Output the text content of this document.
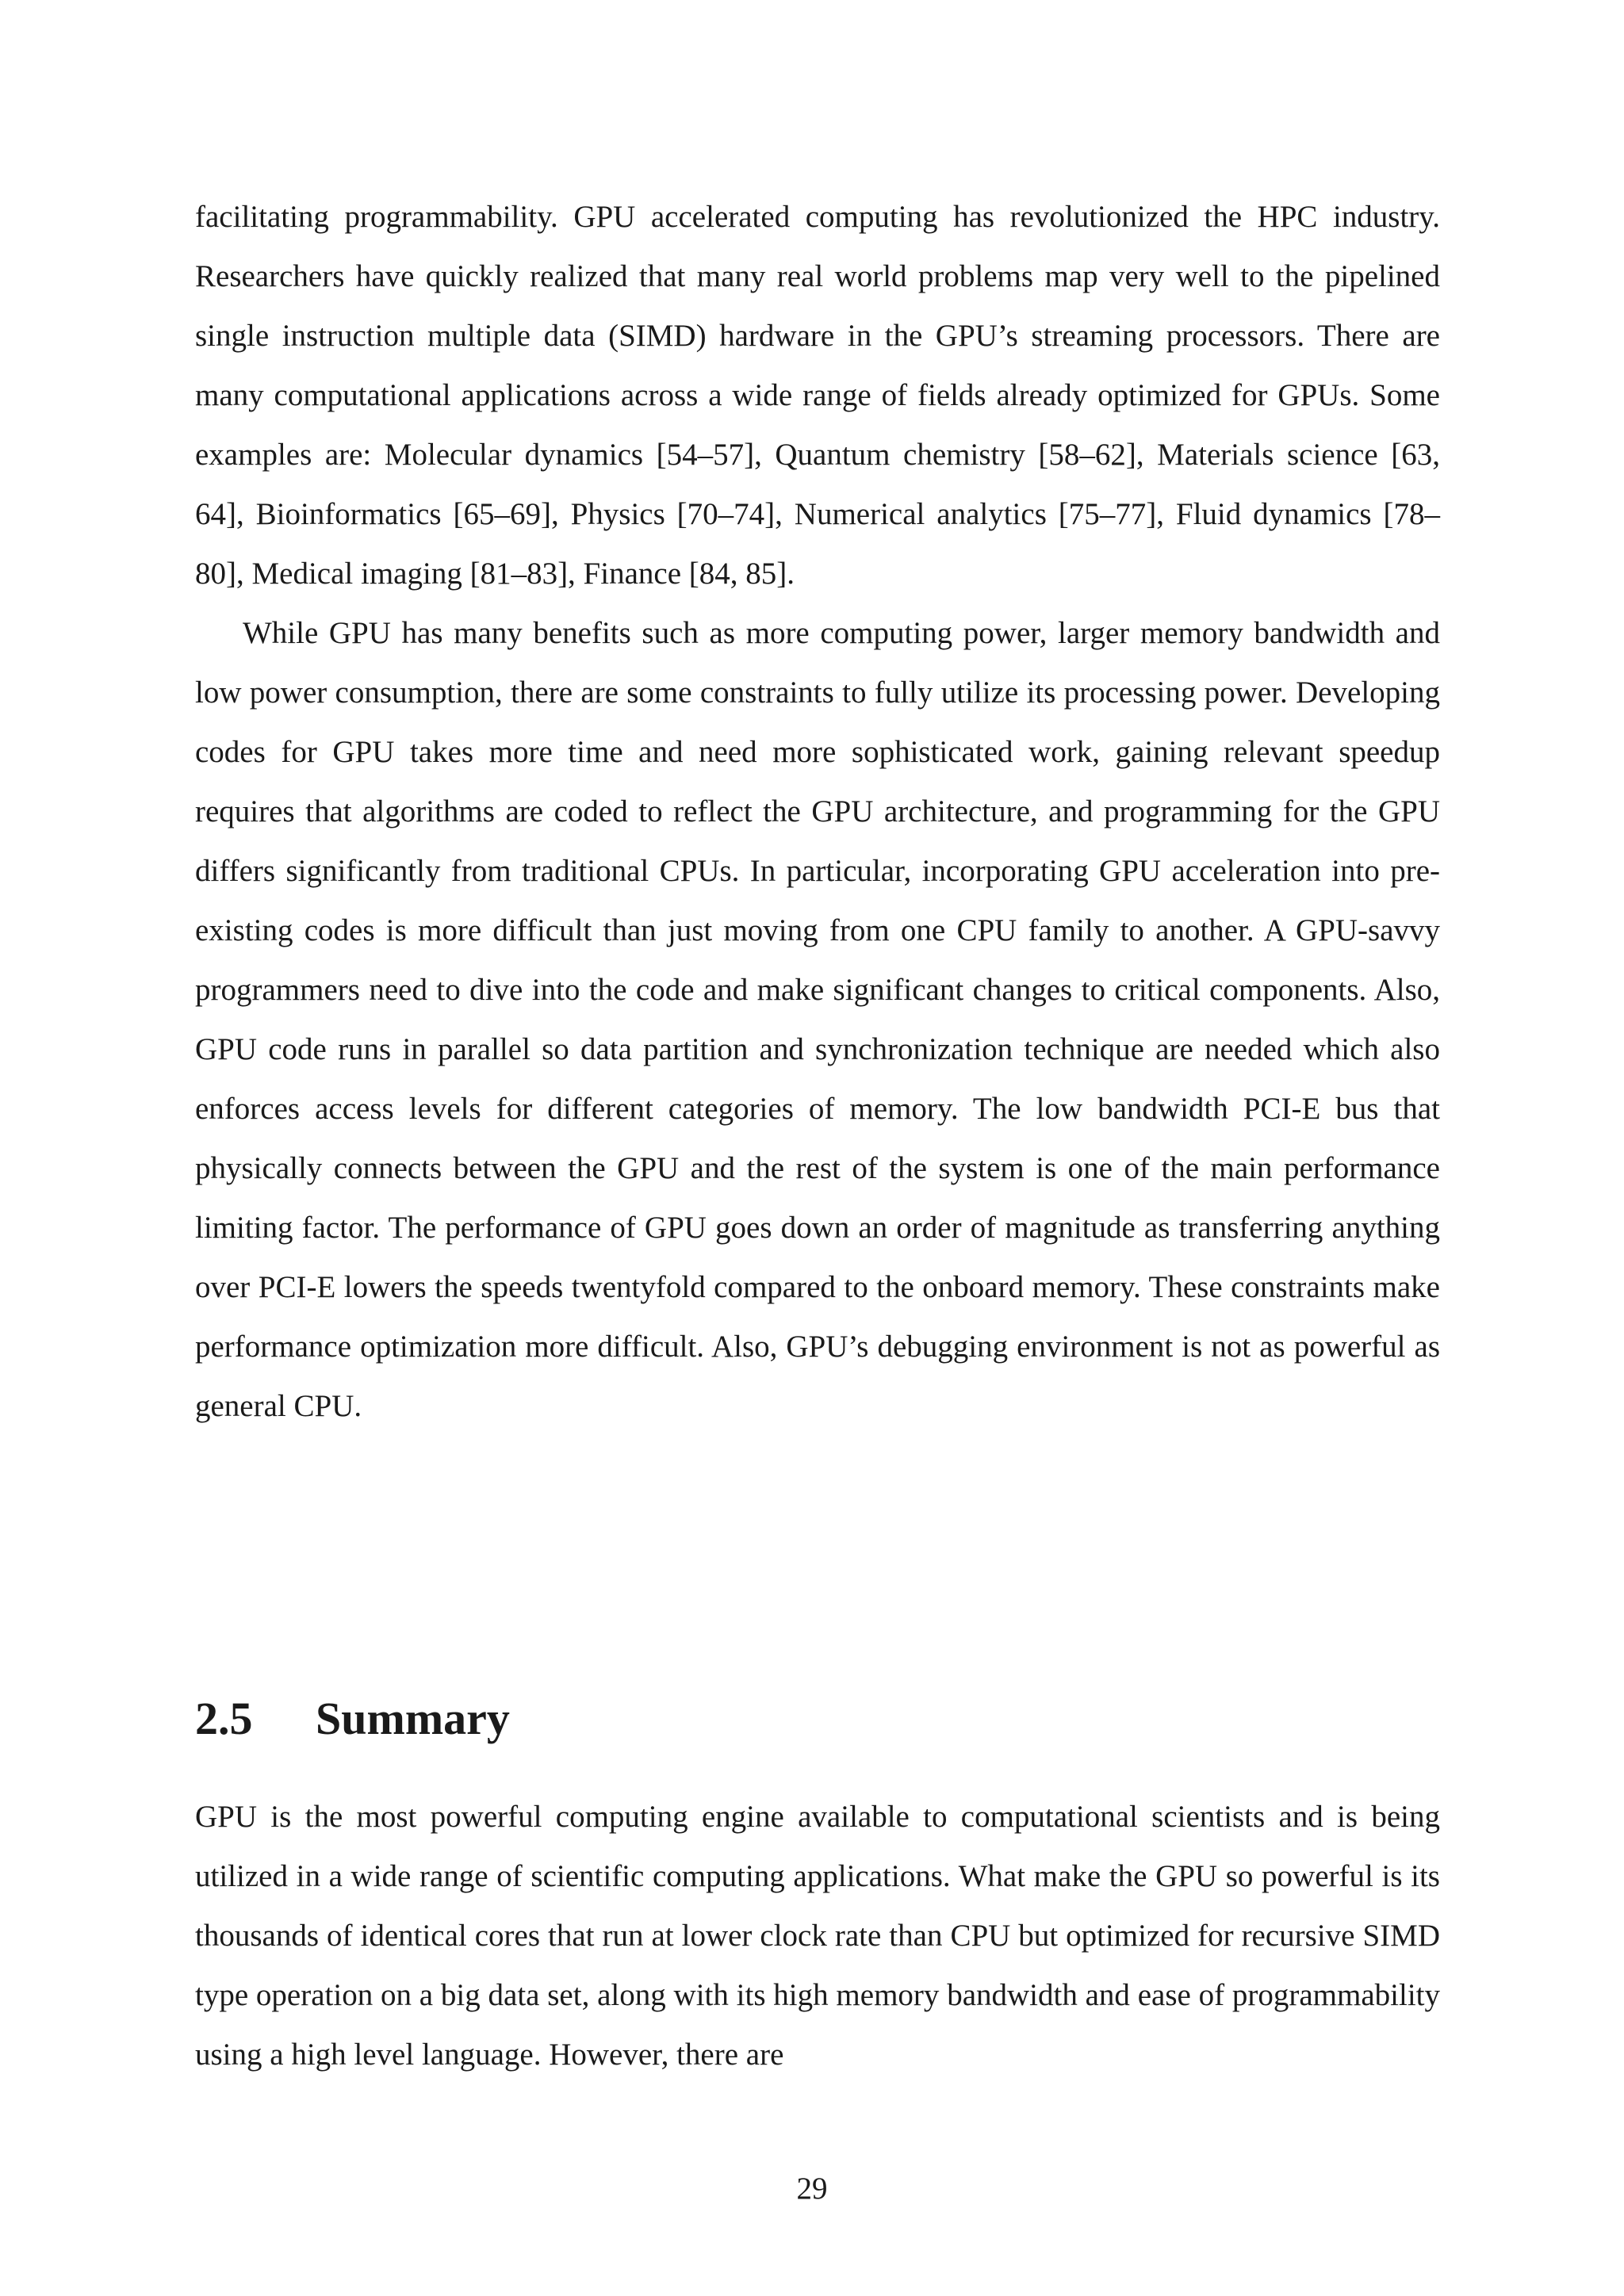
facilitating programmability. GPU accelerated computing has revolutionized the HPC industry. Researchers have quickly realized that many real world problems map very well to the pipelined single instruction multiple data (SIMD) hardware in the GPU’s streaming processors. There are many computational applications across a wide range of fields already optimized for GPUs. Some examples are: Molecular dynamics [54–57], Quantum chemistry [58–62], Materials science [63, 64], Bioinformatics [65–69], Physics [70–74], Numerical analytics [75–77], Fluid dynamics [78–80], Medical imaging [81–83], Finance [84, 85].

While GPU has many benefits such as more computing power, larger memory bandwidth and low power consumption, there are some constraints to fully utilize its processing power. Developing codes for GPU takes more time and need more sophisticated work, gaining relevant speedup requires that algorithms are coded to reflect the GPU architecture, and programming for the GPU differs significantly from traditional CPUs. In particular, incorporating GPU acceleration into pre-existing codes is more difficult than just moving from one CPU family to another. A GPU-savvy programmers need to dive into the code and make significant changes to critical components. Also, GPU code runs in parallel so data partition and synchronization technique are needed which also enforces access levels for different categories of memory. The low bandwidth PCI-E bus that physically connects between the GPU and the rest of the system is one of the main performance limiting factor. The performance of GPU goes down an order of magnitude as transferring anything over PCI-E lowers the speeds twentyfold compared to the onboard memory. These constraints make performance optimization more difficult. Also, GPU’s debugging environment is not as powerful as general CPU.

2.5 Summary

GPU is the most powerful computing engine available to computational scientists and is being utilized in a wide range of scientific computing applications. What make the GPU so powerful is its thousands of identical cores that run at lower clock rate than CPU but optimized for recursive SIMD type operation on a big data set, along with its high memory bandwidth and ease of programmability using a high level language. However, there are

29
